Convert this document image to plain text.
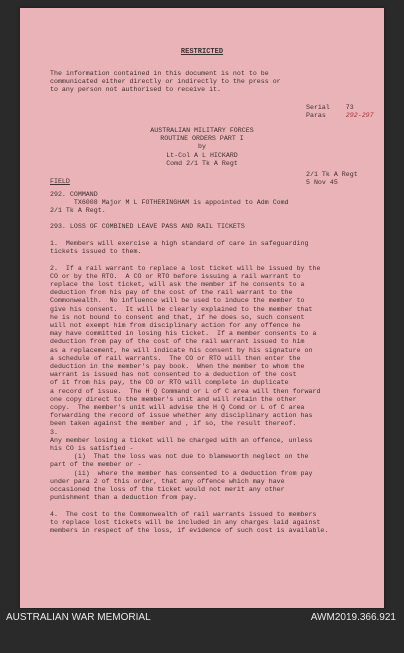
RESTRICTED
The information contained in this document is not to be
communicated either directly or indirectly to the press or
to any person not authorised to receive it.
Serial 73
Paras	292-297
AUSTRALIAN MILITARY FORCES
ROUTINE ORDERS PART I
by
Lt-Col A L HICKARD
Comd 2/1 Tk A Regt
2/1 Tk A Regt
5 Nov 45
FIELD
292. COMMAND
TX6008 Major M L FOTHERINGHAM is appointed to Adm Comd
2/1 Tk A Regt.
293. LOSS OF COMBINED LEAVE PASS AND RAIL TICKETS
1.  Members will exercise a high standard of care in safeguarding
tickets issued to them.

2.  If a rail warrant to replace a lost ticket will be issued by the
CO or by the RTO.  A CO or RTO before issuing a rail warrant to
replace the lost ticket, will ask the member if he consents to a
deduction from his pay of the cost of the rail warrant to the
Commonwealth.  No influence will be used to induce the member to
give his consent.  It will be clearly explained to the member that
he is not bound to consent and that, if he does so, such consent
will not exempt him from disciplinary action for any offence he
may have committed in losing his ticket.  If a member consents to a
deduction from pay of the cost of the rail warrant issued to him
as a replacement, he will indicate his consent by his signature on
a schedule of rail warrants.  The CO or RTO will then enter the
deduction in the member's pay book.  When the member to whom the
warrant is issued has not consented to a deduction of the cost
of it from his pay, the CO or RTO will complete in duplicate
a record of issue.  The H Q Command or L of C area will then forward
one copy direct to the member's unit and will retain the other
copy.  The member's unit will advise the H Q Comd or L of C area
forwarding the record of issue whether any disciplinary action has
been taken against the member and , if so, the result thereof.
3.
Any member losing a ticket will be charged with an offence, unless
his CO is satisfied -
(i)  That the loss was not due to blameworth neglect on the
part of the member or -
(ii)  where the member has consented to a deduction from pay
under para 2 of this order, that any offence which may have
occasioned the loss of the ticket would not merit any other
punishment than a deduction from pay.

4.  The cost to the Commonwealth of rail warrants issued to members
to replace lost tickets will be included in any charges laid against
members in respect of the loss, if evidence of such cost is available.
AUSTRALIAN WAR MEMORIAL	AWM2019.366.921
